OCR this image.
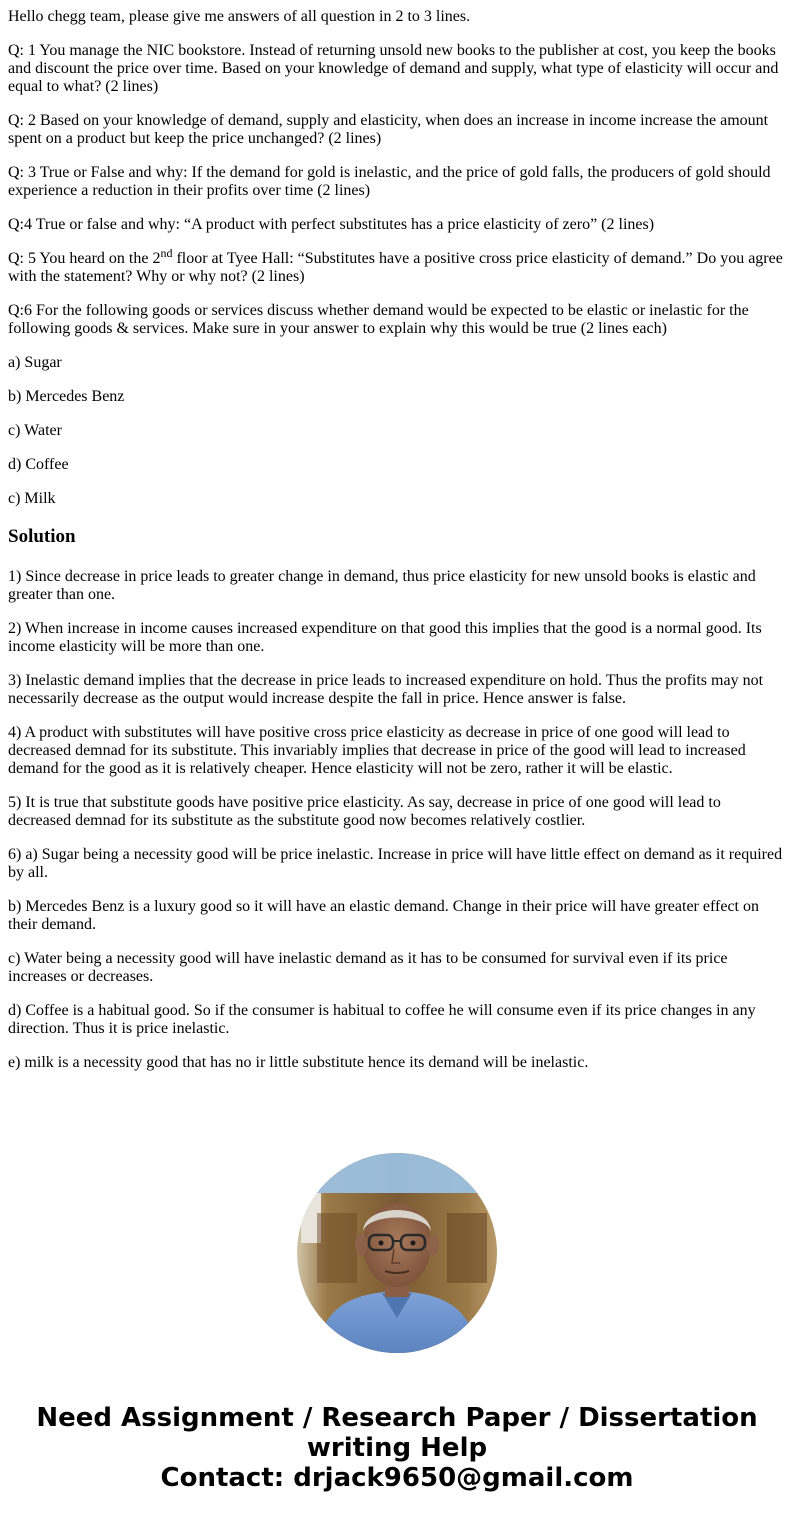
Hello chegg team, please give me answers of all question in 2 to 3 lines.

Q: 1 You manage the NIC bookstore. Instead of returning unsold new books to the publisher at cost, you keep the books and discount the price over time. Based on your knowledge of demand and supply, what type of elasticity will occur and equal to what? (2 lines)

Q: 2 Based on your knowledge of demand, supply and elasticity, when does an increase in income increase the amount spent on a product but keep the price unchanged? (2 lines)

Q: 3 True or False and why: If the demand for gold is inelastic, and the price of gold falls, the producers of gold should experience a reduction in their profits over time (2 lines)

Q:4 True or false and why: “A product with perfect substitutes has a price elasticity of zero” (2 lines)

Q: 5 You heard on the 2nd floor at Tyee Hall: “Substitutes have a positive cross price elasticity of demand.” Do you agree with the statement? Why or why not? (2 lines)

Q:6 For the following goods or services discuss whether demand would be expected to be elastic or inelastic for the following goods & services. Make sure in your answer to explain why this would be true (2 lines each)

a) Sugar

b) Mercedes Benz

c) Water

d) Coffee

c) Milk

Solution

1) Since decrease in price leads to greater change in demand, thus price elasticity for new unsold books is elastic and greater than one.

2) When increase in income causes increased expenditure on that good this implies that the good is a normal good. Its income elasticity will be more than one.

3) Inelastic demand implies that the decrease in price leads to increased expenditure on hold. Thus the profits may not necessarily decrease as the output would increase despite the fall in price. Hence answer is false.

4) A product with substitutes will have positive cross price elasticity as decrease in price of one good will lead to decreased demnad for its substitute. This invariably implies that decrease in price of the good will lead to increased demand for the good as it is relatively cheaper. Hence elasticity will not be zero, rather it will be elastic.

5) It is true that substitute goods have positive price elasticity. As say, decrease in price of one good will lead to decreased demnad for its substitute as the substitute good now becomes relatively costlier.

6) a) Sugar being a necessity good will be price inelastic. Increase in price will have little effect on demand as it required by all.

b) Mercedes Benz is a luxury good so it will have an elastic demand. Change in their price will have greater effect on their demand.

c) Water being a necessity good will have inelastic demand as it has to be consumed for survival even if its price increases or decreases.

d) Coffee is a habitual good. So if the consumer is habitual to coffee he will consume even if its price changes in any direction. Thus it is price inelastic.

e) milk is a necessity good that has no ir little substitute hence its demand will be inelastic.

Need Assignment / Research Paper / Dissertation
writing Help
Contact: drjack9650@gmail.com
